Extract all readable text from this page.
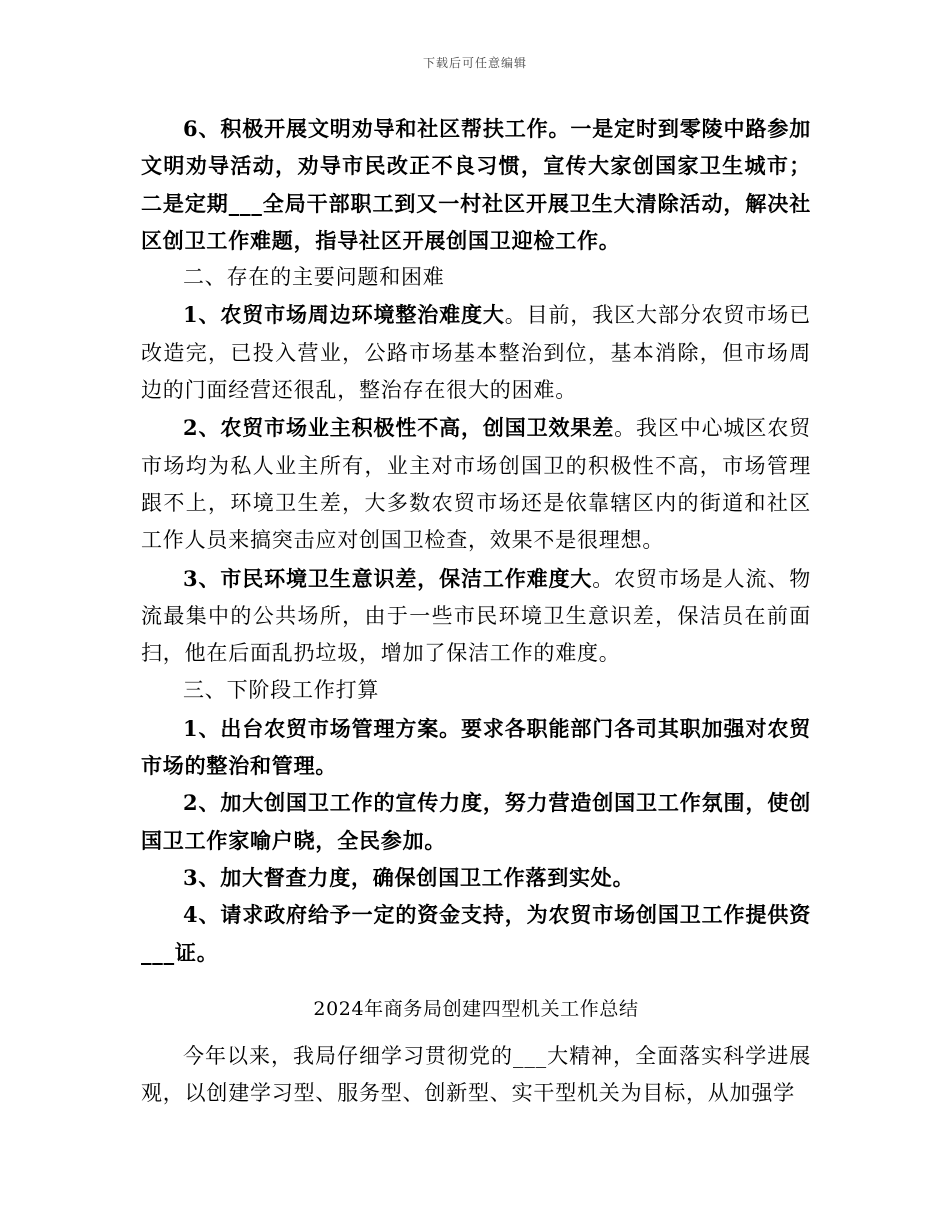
下载后可任意编辑

6、积极开展文明劝导和社区帮扶工作。一是定时到零陵中路参加文明劝导活动，劝导市民改正不良习惯，宣传大家创国家卫生城市；二是定期___全局干部职工到又一村社区开展卫生大清除活动，解决社区创卫工作难题，指导社区开展创国卫迎检工作。

二、存在的主要问题和困难

1、农贸市场周边环境整治难度大。目前，我区大部分农贸市场已改造完，已投入营业，公路市场基本整治到位，基本消除，但市场周边的门面经营还很乱，整治存在很大的困难。

2、农贸市场业主积极性不高，创国卫效果差。我区中心城区农贸市场均为私人业主所有，业主对市场创国卫的积极性不高，市场管理跟不上，环境卫生差，大多数农贸市场还是依靠辖区内的街道和社区工作人员来搞突击应对创国卫检查，效果不是很理想。

3、市民环境卫生意识差，保洁工作难度大。农贸市场是人流、物流最集中的公共场所，由于一些市民环境卫生意识差，保洁员在前面扫，他在后面乱扔垃圾，增加了保洁工作的难度。

三、下阶段工作打算

1、出台农贸市场管理方案。要求各职能部门各司其职加强对农贸市场的整治和管理。

2、加大创国卫工作的宣传力度，努力营造创国卫工作氛围，使创国卫工作家喻户晓，全民参加。

3、加大督查力度，确保创国卫工作落到实处。

4、请求政府给予一定的资金支持，为农贸市场创国卫工作提供资___证。

2024年商务局创建四型机关工作总结

今年以来，我局仔细学习贯彻党的___大精神，全面落实科学进展观，以创建学习型、服务型、创新型、实干型机关为目标，从加强学
